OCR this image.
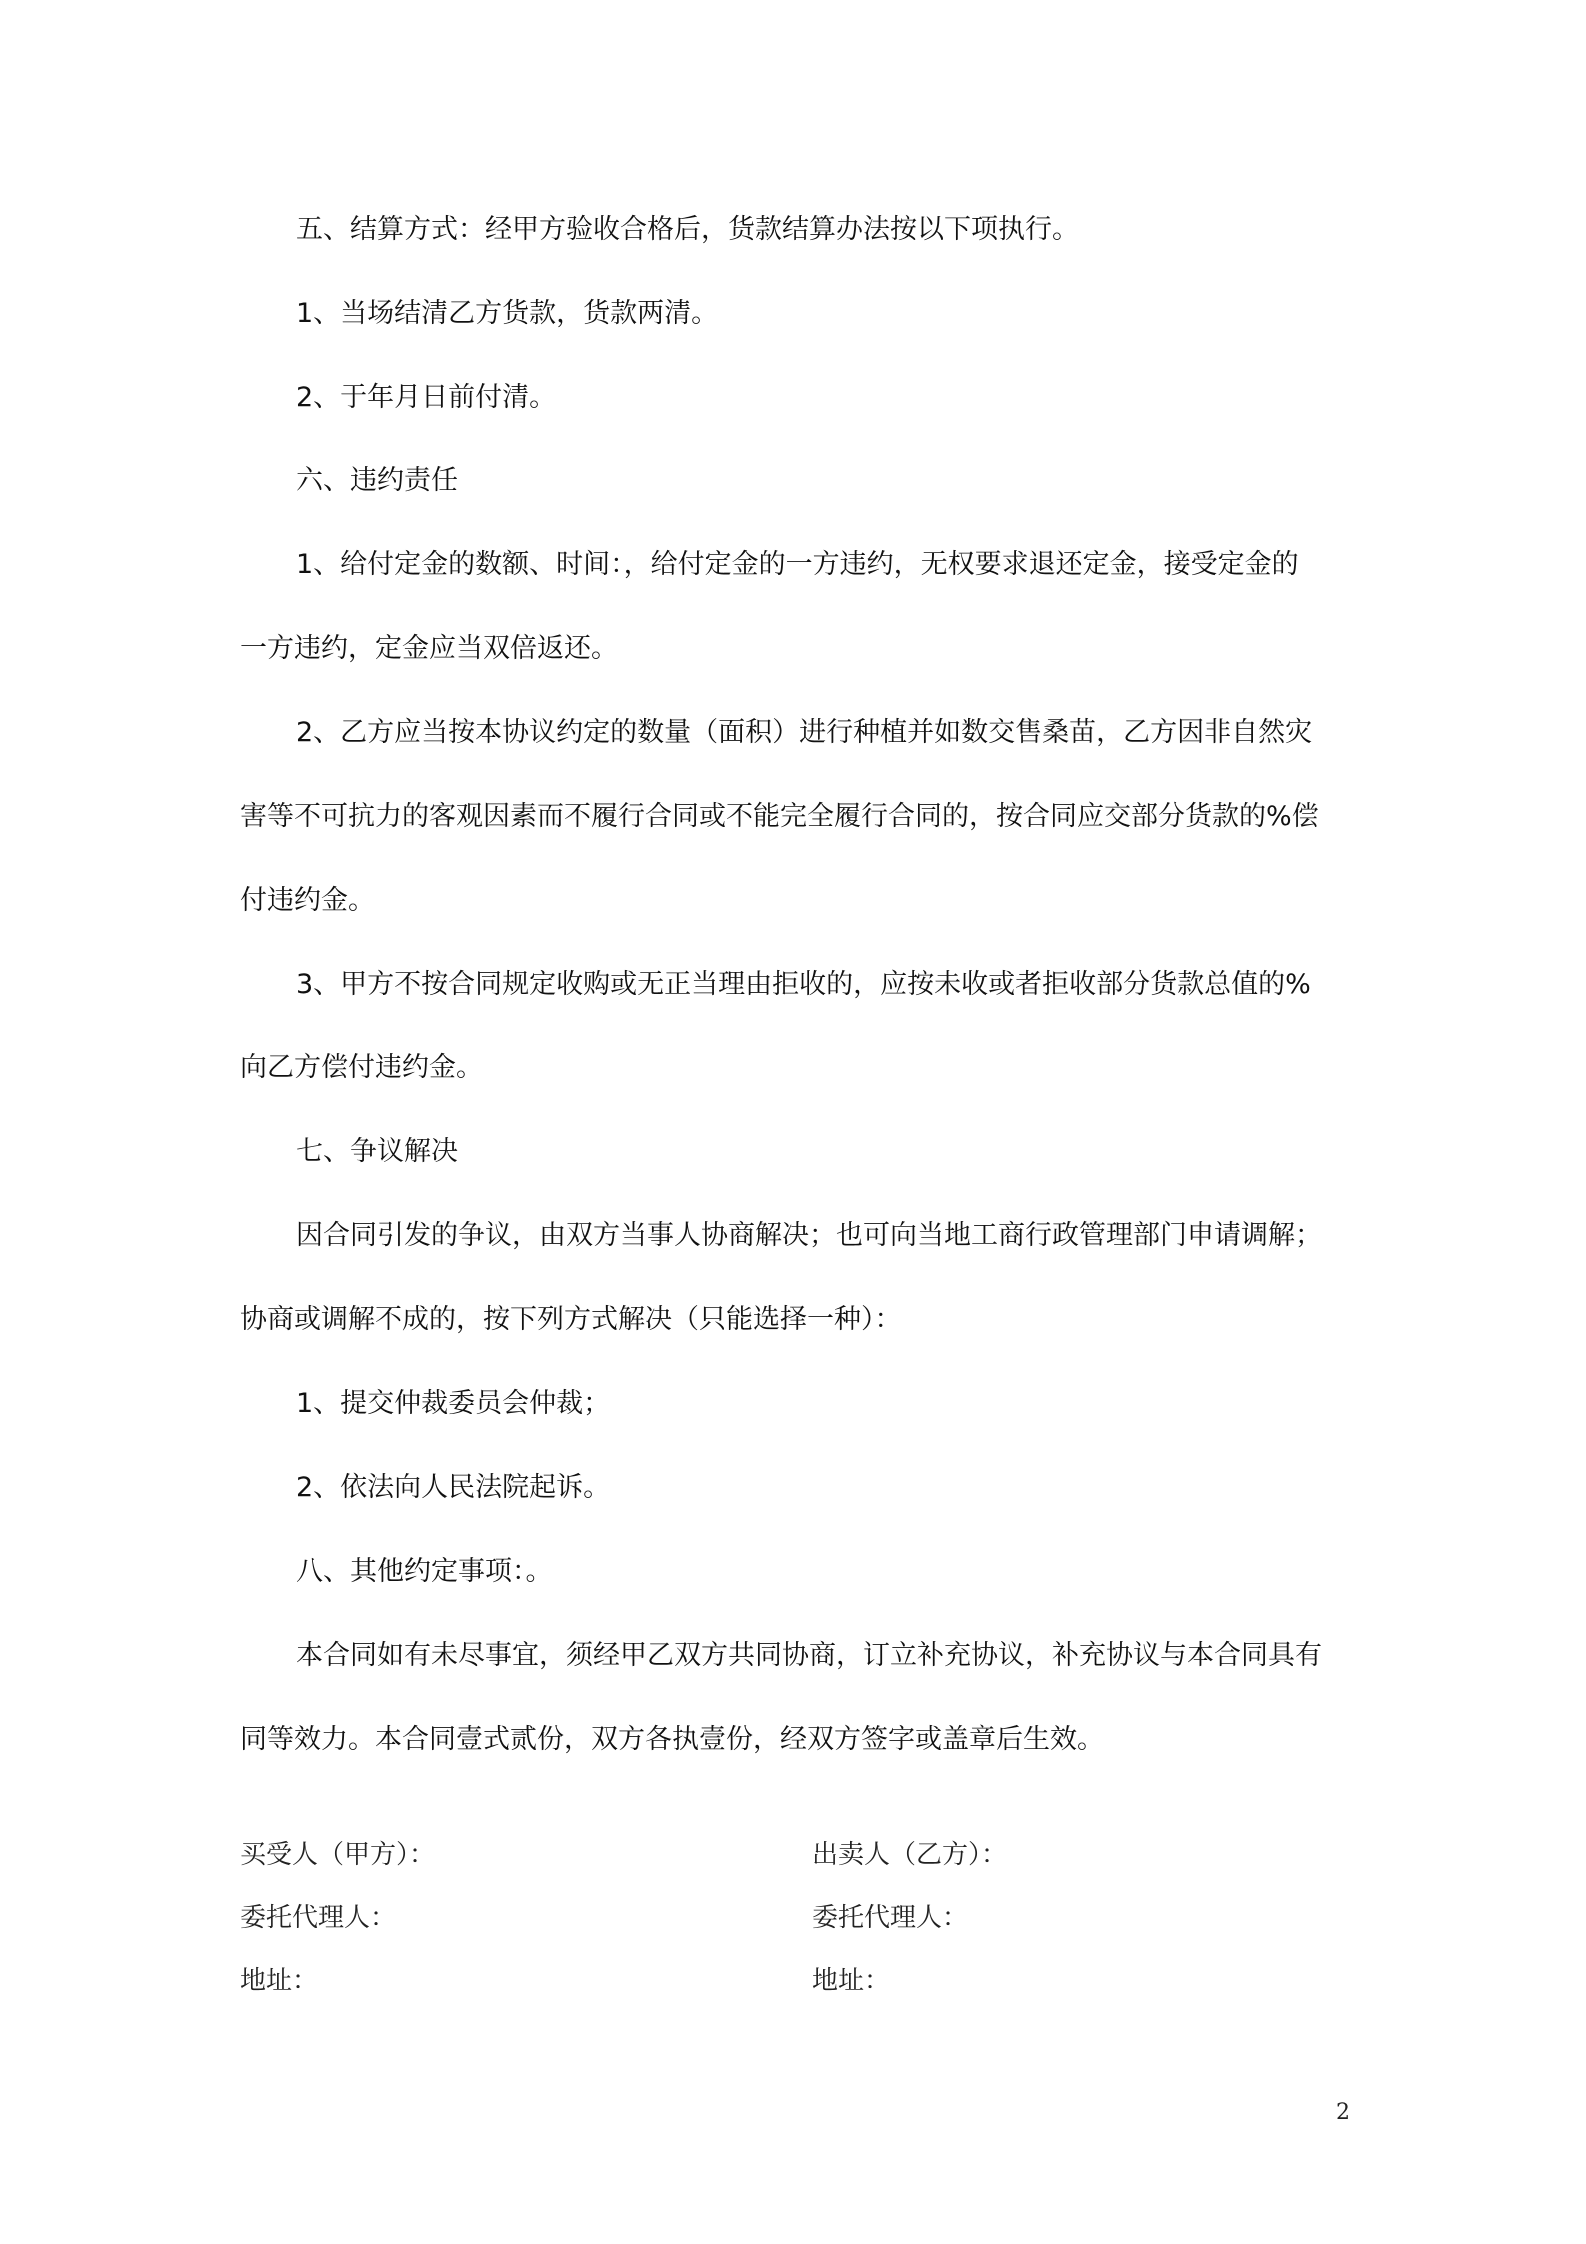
五、结算方式：经甲方验收合格后，货款结算办法按以下项执行。
1、当场结清乙方货款，货款两清。
2、于年月日前付清。
六、违约责任
1、给付定金的数额、时间：，给付定金的一方违约，无权要求退还定金，接受定金的
一方违约，定金应当双倍返还。
2、乙方应当按本协议约定的数量（面积）进行种植并如数交售桑苗，乙方因非自然灾
害等不可抗力的客观因素而不履行合同或不能完全履行合同的，按合同应交部分货款的%偿
付违约金。
3、甲方不按合同规定收购或无正当理由拒收的，应按未收或者拒收部分货款总值的%
向乙方偿付违约金。
七、争议解决
因合同引发的争议，由双方当事人协商解决；也可向当地工商行政管理部门申请调解；
协商或调解不成的，按下列方式解决（只能选择一种）：
1、提交仲裁委员会仲裁；
2、依法向人民法院起诉。
八、其他约定事项：。
本合同如有未尽事宜，须经甲乙双方共同协商，订立补充协议，补充协议与本合同具有
同等效力。本合同壹式贰份，双方各执壹份，经双方签字或盖章后生效。
买受人（甲方）：	出卖人（乙方）：
委托代理人：	委托代理人：
地址：	地址：
2
